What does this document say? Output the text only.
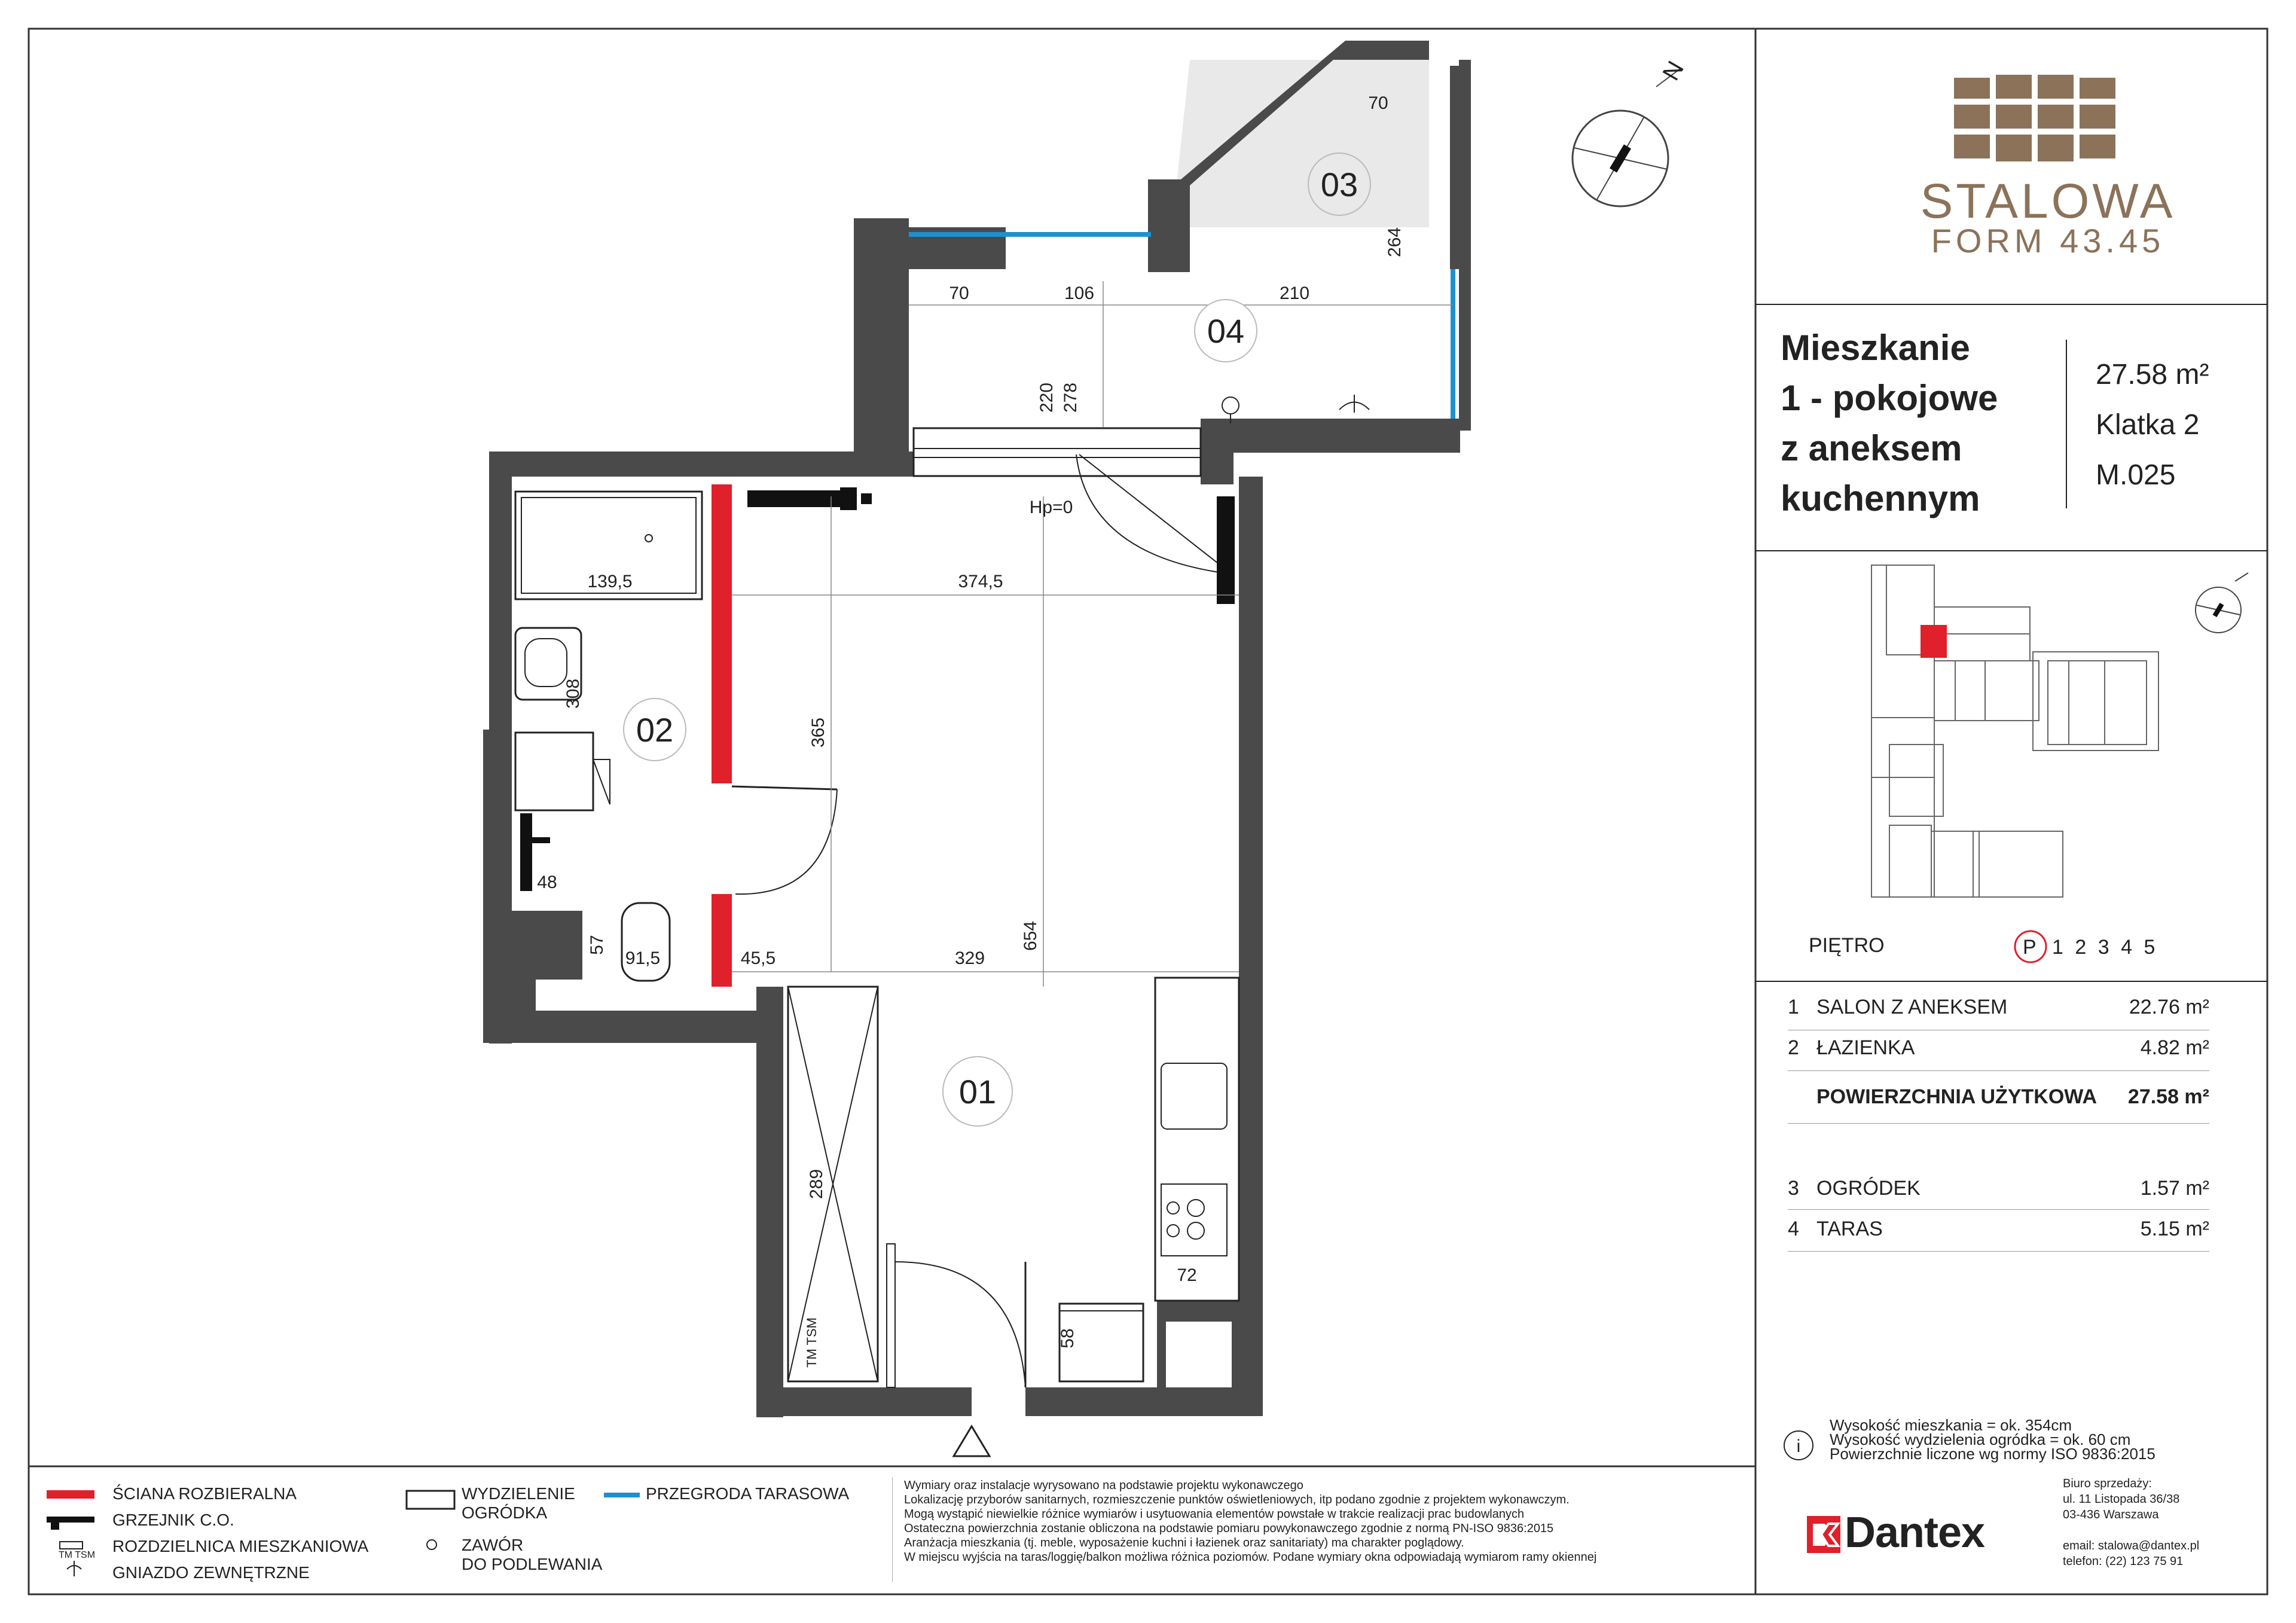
02
04
03
01
70
264
70	106	210
220 278
Hp=0
139,5	374,5
308
365
48
57
91,5	45,5	329
654
289
72
58
TM TSM
N
TM TSM
i
STALOWA
FORM 43.45
Mieszkanie
1 - pokojowe
z aneksem
kuchennym
27.58 m²
Klatka 2
M.025
PIĘTRO	P 1 2 3 4 5
1 SALON Z ANEKSEM	22.76 m²
2 ŁAZIENKA	4.82 m²
POWIERZCHNIA UŻYTKOWA 27.58 m²
3 OGRÓDEK	1.57 m²
4 TARAS	5.15 m²
Wysokość mieszkania = ok. 354cm
Wysokość wydzielenia ogródka = ok. 60 cm
Powierzchnie liczone wg normy ISO 9836:2015
Dantex
Biuro sprzedaży:
ul. 11 Listopada 36/38
03-436 Warszawa
email: stalowa@dantex.pl
telefon: (22) 123 75 91
ŚCIANA ROZBIERALNA
GRZEJNIK C.O.
ROZDZIELNICA MIESZKANIOWA
GNIAZDO ZEWNĘTRZNE
WYDZIELENIE
OGRÓDKA
ZAWÓR
DO PODLEWANIA
PRZEGRODA TARASOWA	Wymiary oraz instalacje wyrysowano na podstawie projektu wykonawczego
Lokalizację przyborów sanitarnych, rozmieszczenie punktów oświetleniowych, itp podano zgodnie z projektem wykonawczym.
Mogą wystąpić niewielkie różnice wymiarów i usytuowania elementów powstałe w trakcie realizacji prac budowlanych
Ostateczna powierzchnia zostanie obliczona na podstawie pomiaru powykonawczego zgodnie z normą PN-ISO 9836:2015
Aranżacja mieszkania (tj. meble, wyposażenie kuchni i łazienek oraz sanitariaty) ma charakter poglądowy.
W miejscu wyjścia na taras/loggię/balkon możliwa różnica poziomów. Podane wymiary okna odpowiadają wymiarom ramy okiennej
